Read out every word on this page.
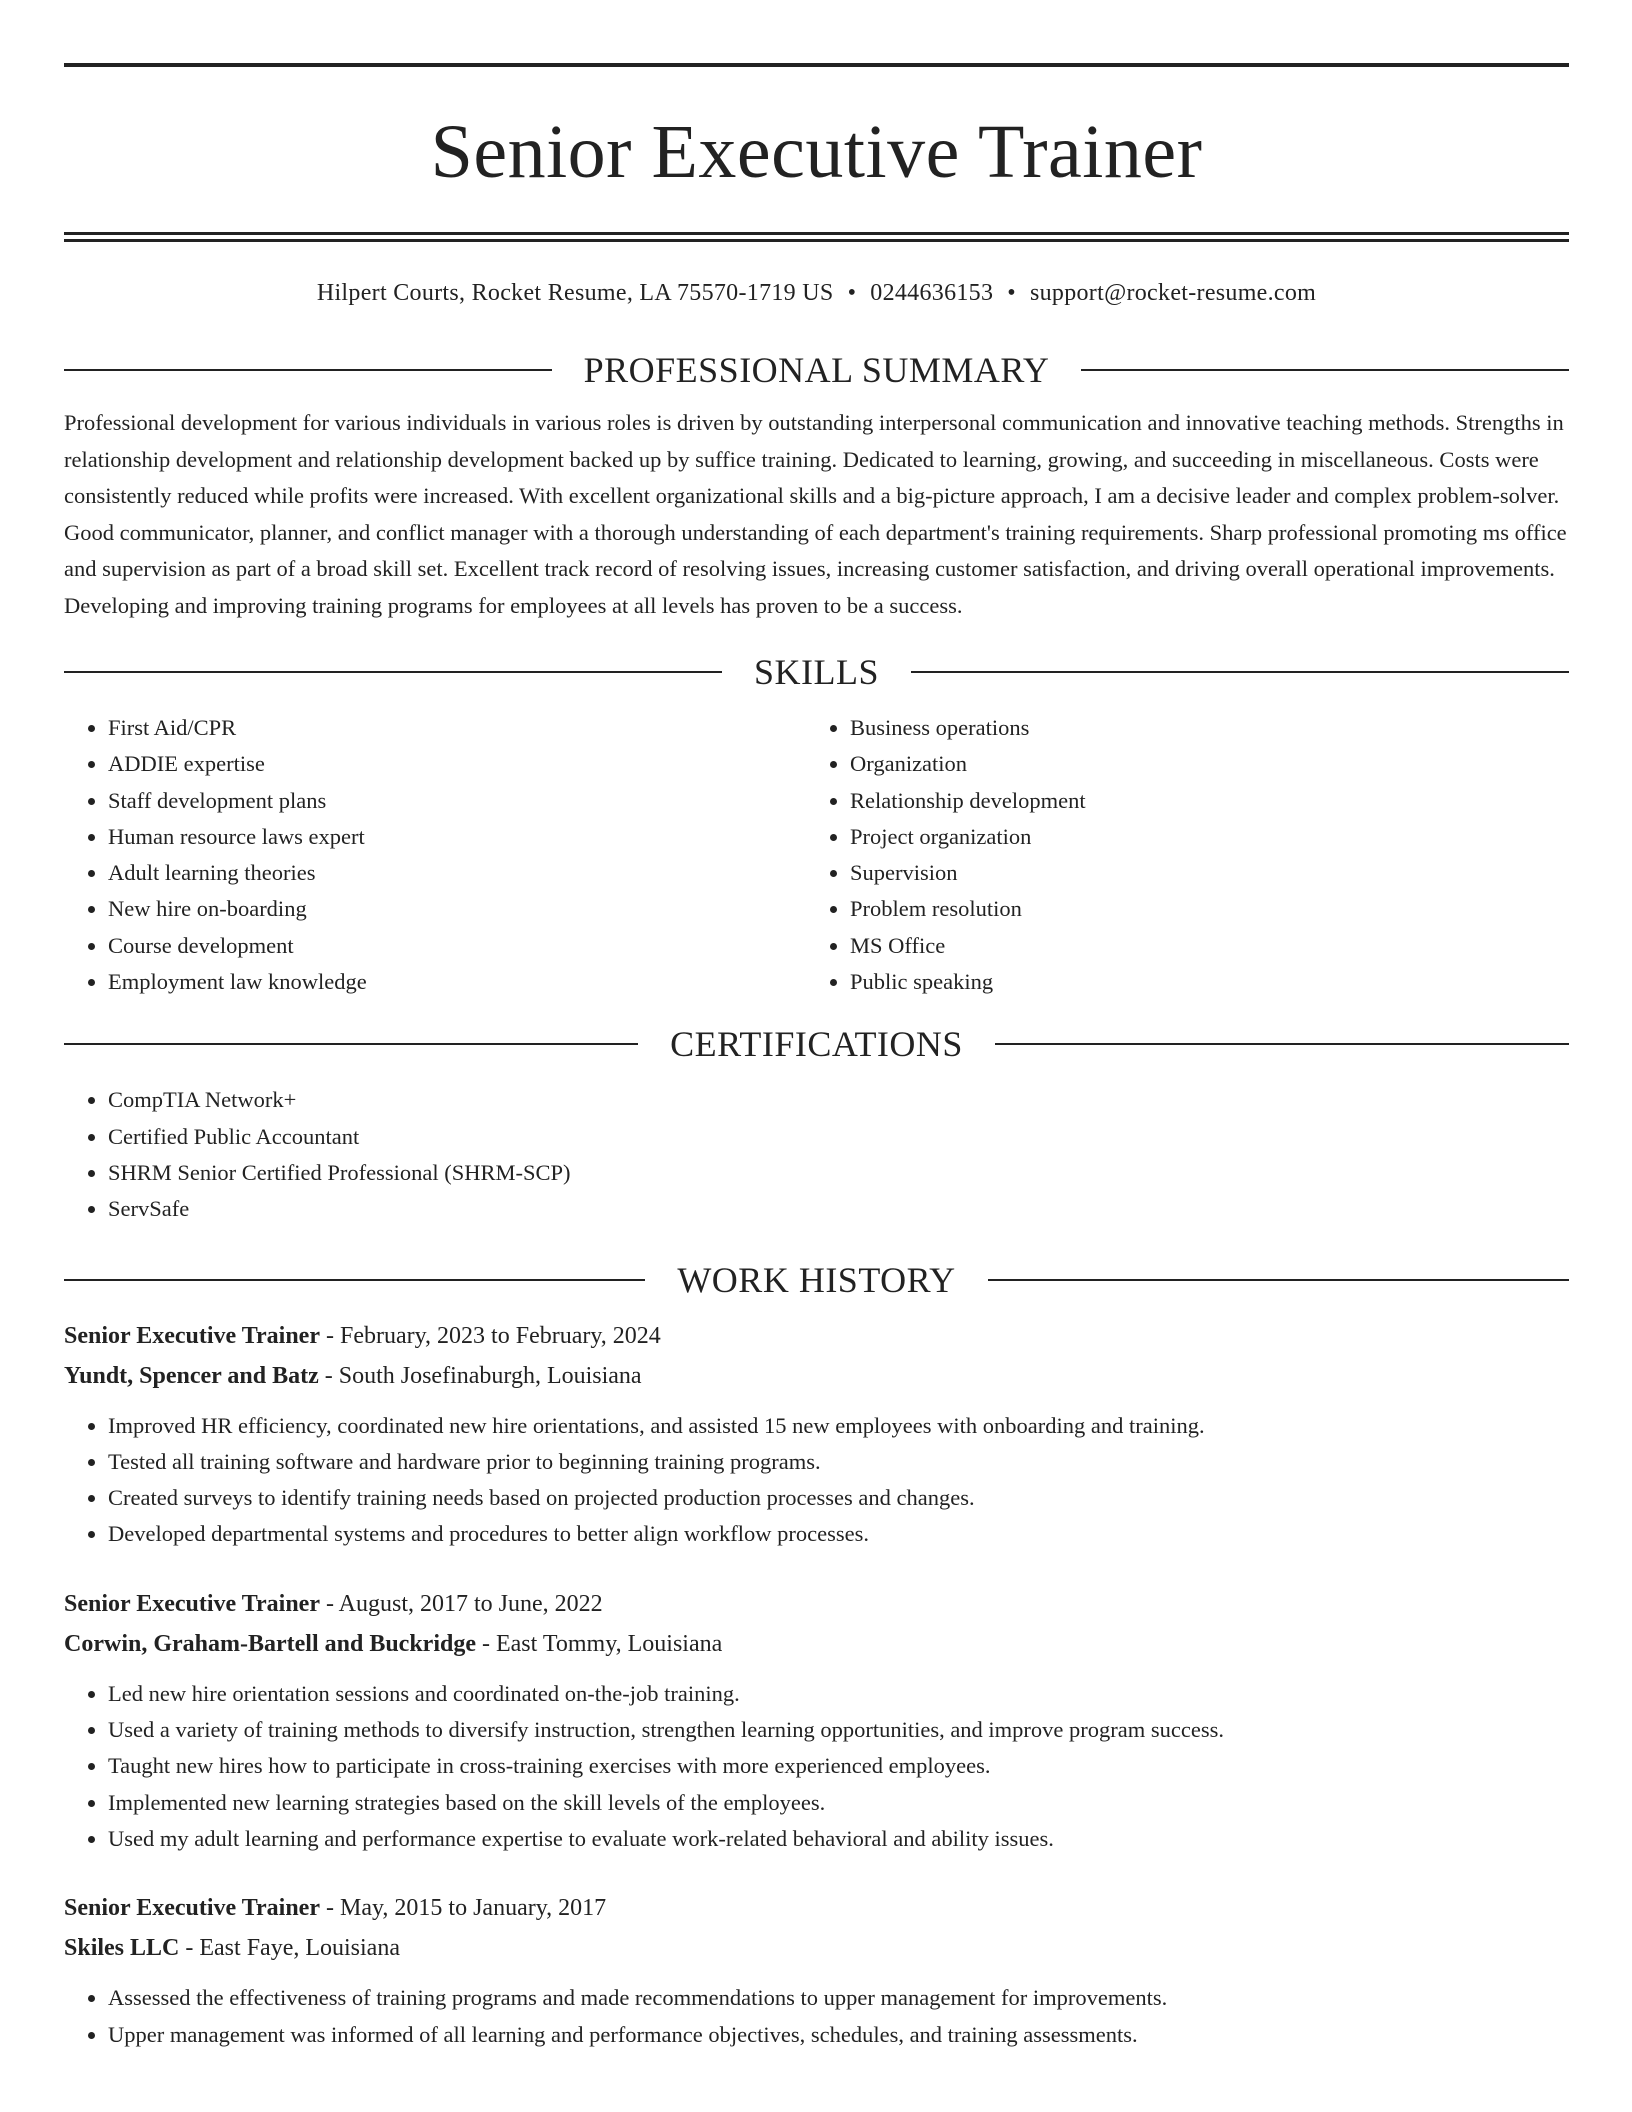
Senior Executive Trainer
Hilpert Courts, Rocket Resume, LA 75570-1719 US • 0244636153 • support@rocket-resume.com
PROFESSIONAL SUMMARY
Professional development for various individuals in various roles is driven by outstanding interpersonal communication and innovative teaching methods. Strengths in relationship development and relationship development backed up by suffice training. Dedicated to learning, growing, and succeeding in miscellaneous. Costs were consistently reduced while profits were increased. With excellent organizational skills and a big-picture approach, I am a decisive leader and complex problem-solver. Good communicator, planner, and conflict manager with a thorough understanding of each department's training requirements. Sharp professional promoting ms office and supervision as part of a broad skill set. Excellent track record of resolving issues, increasing customer satisfaction, and driving overall operational improvements. Developing and improving training programs for employees at all levels has proven to be a success.
SKILLS
• First Aid/CPR
• ADDIE expertise
• Staff development plans
• Human resource laws expert
• Adult learning theories
• New hire on-boarding
• Course development
• Employment law knowledge
• Business operations
• Organization
• Relationship development
• Project organization
• Supervision
• Problem resolution
• MS Office
• Public speaking
CERTIFICATIONS
• CompTIA Network+
• Certified Public Accountant
• SHRM Senior Certified Professional (SHRM-SCP)
• ServSafe
WORK HISTORY
Senior Executive Trainer - February, 2023 to February, 2024
Yundt, Spencer and Batz - South Josefinaburgh, Louisiana
• Improved HR efficiency, coordinated new hire orientations, and assisted 15 new employees with onboarding and training.
• Tested all training software and hardware prior to beginning training programs.
• Created surveys to identify training needs based on projected production processes and changes.
• Developed departmental systems and procedures to better align workflow processes.
Senior Executive Trainer - August, 2017 to June, 2022
Corwin, Graham-Bartell and Buckridge - East Tommy, Louisiana
• Led new hire orientation sessions and coordinated on-the-job training.
• Used a variety of training methods to diversify instruction, strengthen learning opportunities, and improve program success.
• Taught new hires how to participate in cross-training exercises with more experienced employees.
• Implemented new learning strategies based on the skill levels of the employees.
• Used my adult learning and performance expertise to evaluate work-related behavioral and ability issues.
Senior Executive Trainer - May, 2015 to January, 2017
Skiles LLC - East Faye, Louisiana
• Assessed the effectiveness of training programs and made recommendations to upper management for improvements.
• Upper management was informed of all learning and performance objectives, schedules, and training assessments.
